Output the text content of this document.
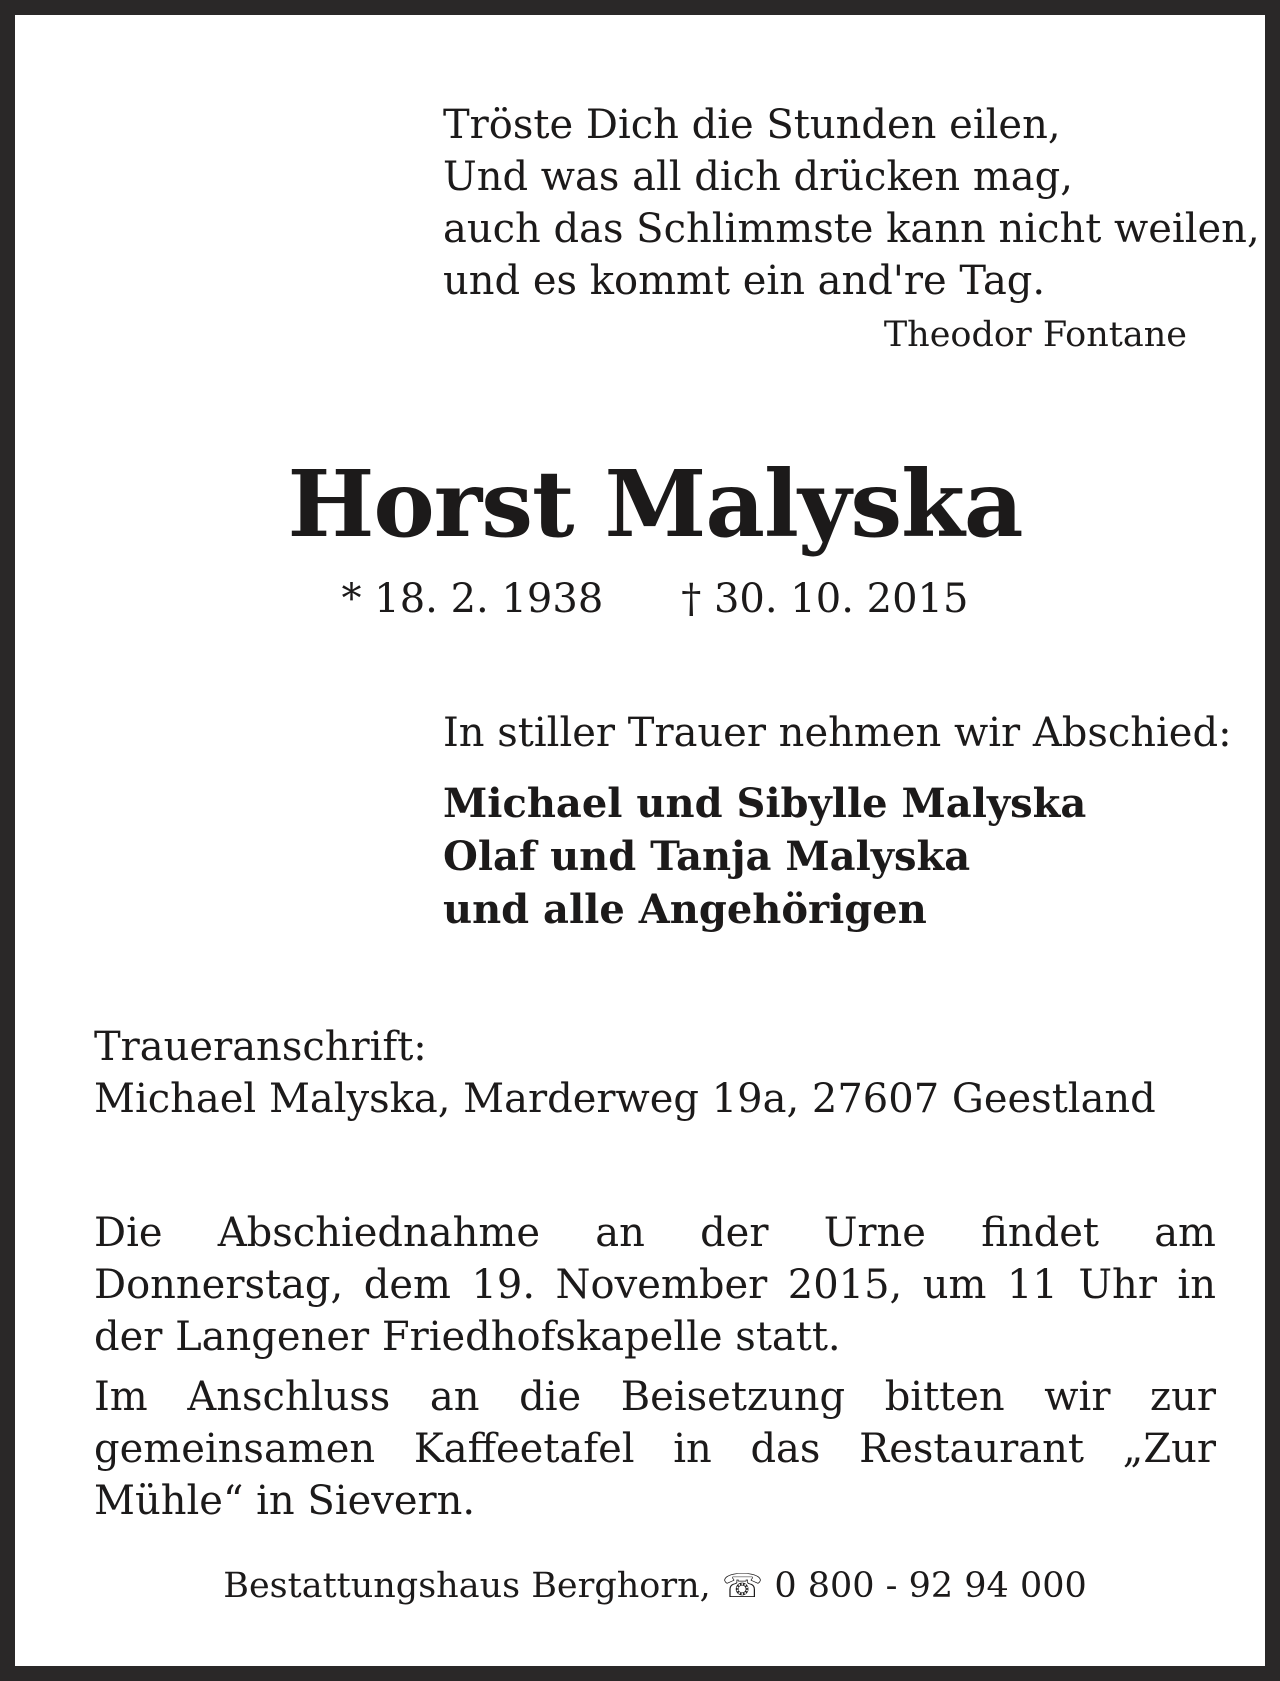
Tröste Dich die Stunden eilen,
Und was all dich drücken mag,
auch das Schlimmste kann nicht weilen,
und es kommt ein and're Tag.
Theodor Fontane
Horst Malyska
* 18. 2. 1938 † 30. 10. 2015
In stiller Trauer nehmen wir Abschied:
Michael und Sibylle Malyska
Olaf und Tanja Malyska
und alle Angehörigen
Traueranschrift:
Michael Malyska, Marderweg 19a, 27607 Geestland
Die Abschiednahme an der Urne findet am Donnerstag, dem 19. November 2015, um 11 Uhr in der Langener Friedhofskapelle statt.
Im Anschluss an die Beisetzung bitten wir zur gemeinsamen Kaffeetafel in das Restaurant „Zur Mühle“ in Sievern.
Bestattungshaus Berghorn, ☏ 0 800 - 92 94 000
